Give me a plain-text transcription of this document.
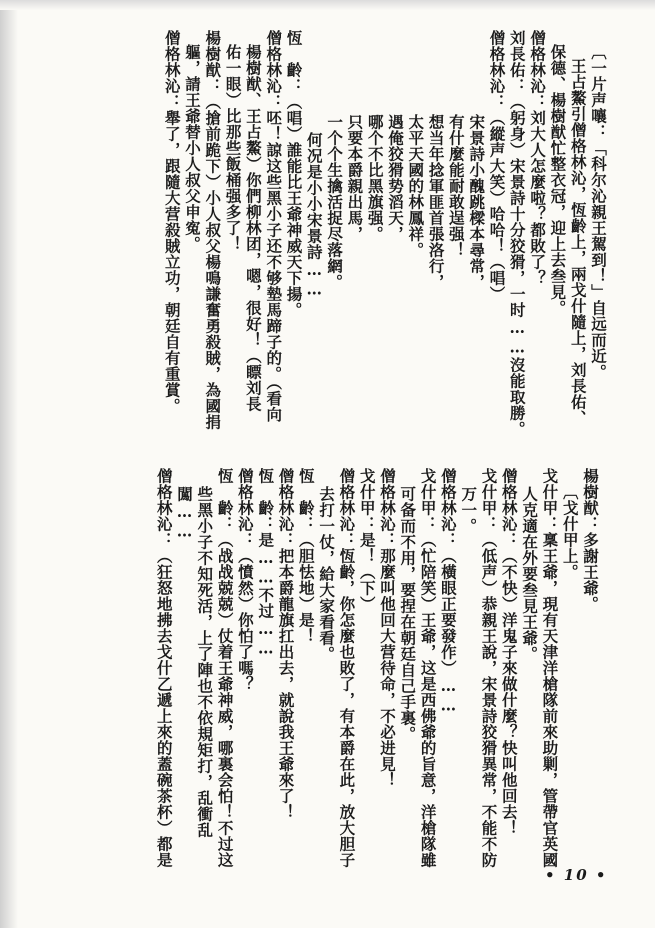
〔一片声嚷：「科尔沁親王駕到！」自远而近。
王占鰲引僧格林沁，恆齡上，兩戈什隨上，刘長佑、
保德、楊樹猷忙整衣冠，迎上去叁見。
僧格林沁：刘大人怎麼啦？都敗了？
刘長佑：（躬身）宋景詩十分狡猾，一时……沒能取勝。
僧格林沁：（縱声大笑）哈哈！（唱）
宋景詩小醜跳樑本尋常，
有什麼能耐敢逞强！
想当年捻軍匪首張洛行，
太平天國的林鳳祥。
遇俺狡猾势滔天，
哪个不比黑旗强。
只要本爵親出馬，
一个个生擒活捉尽落網。
何况是小小宋景詩……
恆　齡：（唱）誰能比王爺神威天下揚。
僧格林沁：呸！諒这些黑小子还不够墊馬蹄子的。（看向
楊樹猷、王占鰲）你們柳林团，嗯，很好！（瞟刘長
佑一眼）比那些飯桶强多了！
楊樹猷：（搶前跪下）小人叔父楊鳴謙奮勇殺賊，為國捐
軀，請王爺替小人叔父申寃。
僧格林沁：舉了，跟隨大营殺賊立功，朝廷自有重賞。
楊樹猷：多謝王爺。
〔戈什甲上。
戈什甲：稟王爺，現有天津洋槍隊前來助剿，管帶官英國
人克適在外要叁見王爺。
僧格林沁：（不快）洋鬼子來做什麼？快叫他回去！
戈什甲：（低声）恭親王說，宋景詩狡猾異常，不能不防
万一。
僧格林沁：（橫眼正要發作）……
戈什甲：（忙陪笑）王爺，这是西佛爺的旨意，洋槍隊雖
可备而不用，要捏在朝廷自己手裏。
僧格林沁：那麼叫他回大营待命，不必进見！
戈什甲：是！（下）
僧格林沁：恆齡，你怎麼也敗了，有本爵在此，放大胆子
去打一仗，給大家看看。
恆　齡：（胆怯地）是！
僧格林沁：把本爵龍旗扛出去，就說我王爺來了！
恆　齡：是……不过……
僧格林沁：（憤然）你怕了嗎？
恆　齡：（战战兢兢）仗着王爺神威，哪裏会怕！不过这
些黑小子不知死活，上了陣也不依規矩打，乱衝乱
闖……
僧格林沁：（狂怒地拂去戈什乙遞上來的蓋碗茶杯）都是
• 10 •
